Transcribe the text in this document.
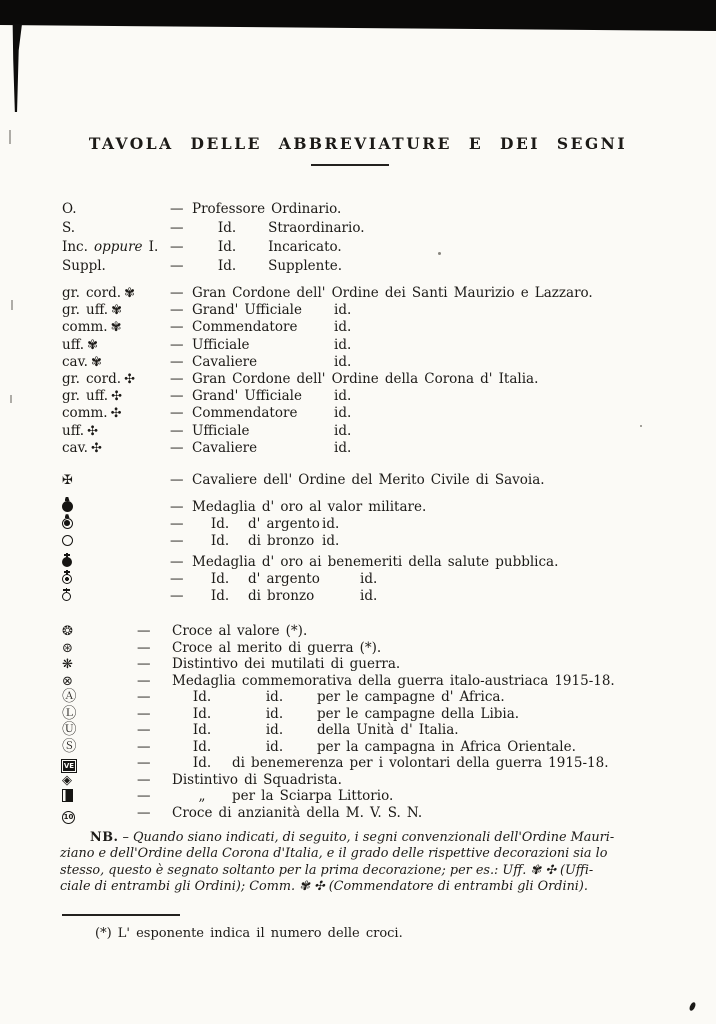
TAVOLA DELLE ABBREVIATURE E DEI SEGNI
O.	— Professore Ordinario.
S.	—	Id. Straordinario.
Inc. oppure I. —	Id. Incaricato.
Suppl.	—	Id. Supplente.
gr. cord. ✾	— Gran Cordone dell' Ordine dei Santi Maurizio e Lazzaro.
gr. uff. ✾	— Grand' Ufficiale id.
comm. ✾	— Commendatore	id.
uff. ✾	— Ufficiale	id.
cav. ✾	— Cavaliere	id.
gr. cord. ✣	— Gran Cordone dell' Ordine della Corona d' Italia.
gr. uff. ✣	— Grand' Ufficiale id.
comm. ✣	— Commendatore	id.
uff. ✣	— Ufficiale	id.
cav. ✣	— Cavaliere	id.
✠	— Cavaliere dell' Ordine del Merito Civile di Savoia.
— Medaglia d' oro al valor militare.
— Id. d' argento id.
— Id. di bronzo id.
— Medaglia d' oro ai benemeriti della salute pubblica.
— Id. d' argento	id.
— Id. di bronzo	id.
❂	— Croce al valore (*).
⊛	— Croce al merito di guerra (*).
❋	— Distintivo dei mutilati di guerra.
⊗	— Medaglia commemorativa della guerra italo-austriaca 1915-18.
Ⓐ	—	Id.	id.	per le campagne d' Africa.
Ⓛ	—	Id.	id.	per le campagne della Libia.
Ⓤ	—	Id.	id.	della Unità d' Italia.
Ⓢ	—	Id.	id.	per la campagna in Africa Orientale.
VE	—	Id. di benemerenza per i volontari della guerra 1915-18.
◈	— Distintivo di Squadrista.
—	„ per la Sciarpa Littorio.
10	— Croce di anzianità della M. V. S. N.
NB. – Quando siano indicati, di seguito, i segni convenzionali dell'Ordine Mauri-
ziano e dell'Ordine della Corona d'Italia, e il grado delle rispettive decorazioni sia lo
stesso, questo è segnato soltanto per la prima decorazione; per es.: Uff. ✾ ✣ (Uffi-
ciale di entrambi gli Ordini); Comm. ✾ ✣ (Commendatore di entrambi gli Ordini).
(*) L' esponente indica il numero delle croci.
